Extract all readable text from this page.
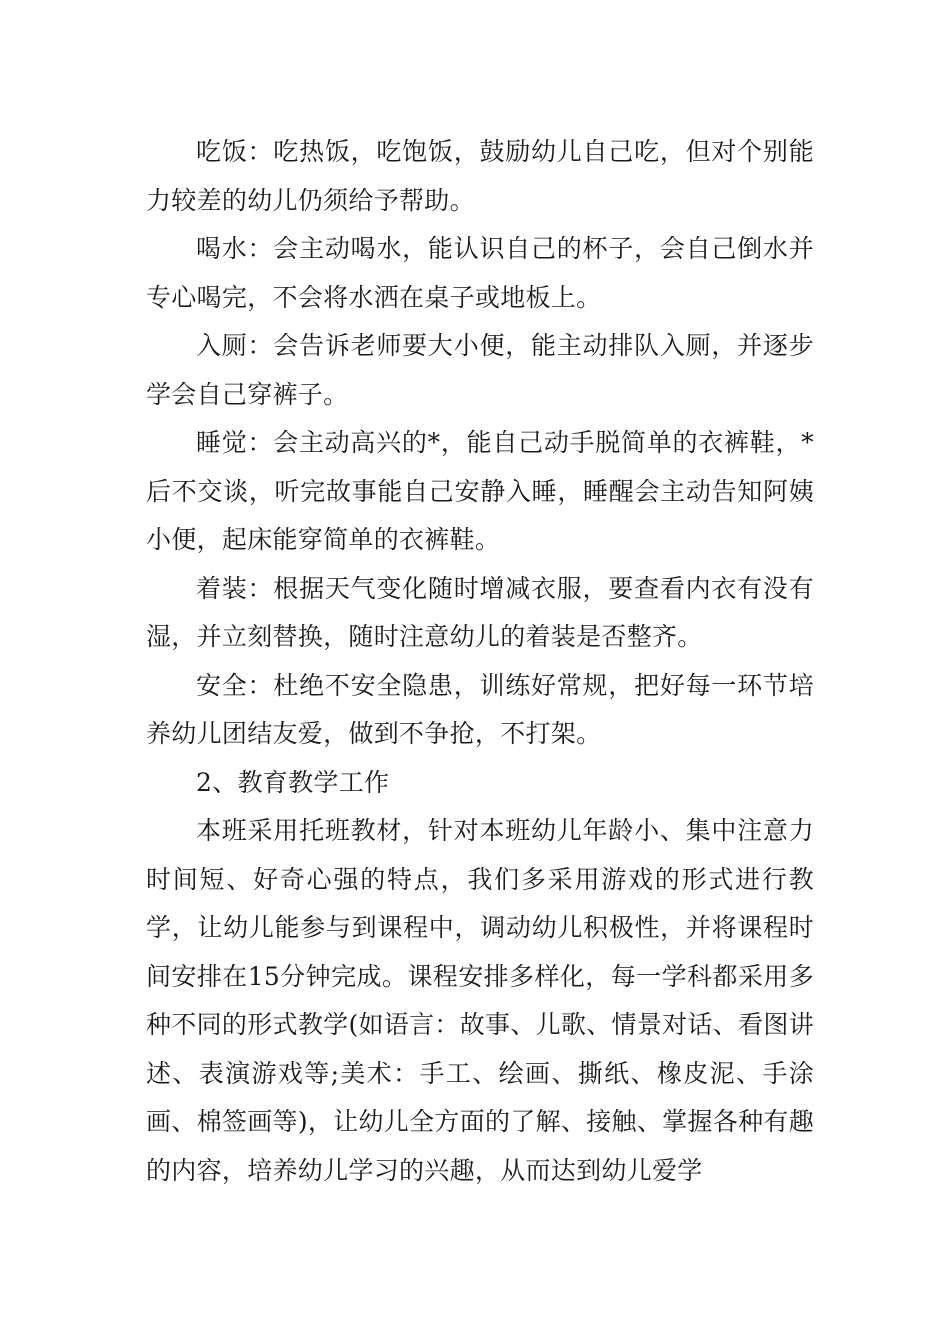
吃饭：吃热饭，吃饱饭，鼓励幼儿自己吃，但对个别能力较差的幼儿仍须给予帮助。

喝水：会主动喝水，能认识自己的杯子，会自己倒水并专心喝完，不会将水洒在桌子或地板上。

入厕：会告诉老师要大小便，能主动排队入厕，并逐步学会自己穿裤子。

睡觉：会主动高兴的*，能自己动手脱简单的衣裤鞋，*后不交谈，听完故事能自己安静入睡，睡醒会主动告知阿姨小便，起床能穿简单的衣裤鞋。

着装：根据天气变化随时增减衣服，要查看内衣有没有湿，并立刻替换，随时注意幼儿的着装是否整齐。

安全：杜绝不安全隐患，训练好常规，把好每一环节培养幼儿团结友爱，做到不争抢，不打架。

2、教育教学工作

本班采用托班教材，针对本班幼儿年龄小、集中注意力时间短、好奇心强的特点，我们多采用游戏的形式进行教学，让幼儿能参与到课程中，调动幼儿积极性，并将课程时间安排在15分钟完成。课程安排多样化，每一学科都采用多种不同的形式教学(如语言：故事、儿歌、情景对话、看图讲述、表演游戏等;美术：手工、绘画、撕纸、橡皮泥、手涂画、棉签画等)，让幼儿全方面的了解、接触、掌握各种有趣的内容，培养幼儿学习的兴趣，从而达到幼儿爱学
